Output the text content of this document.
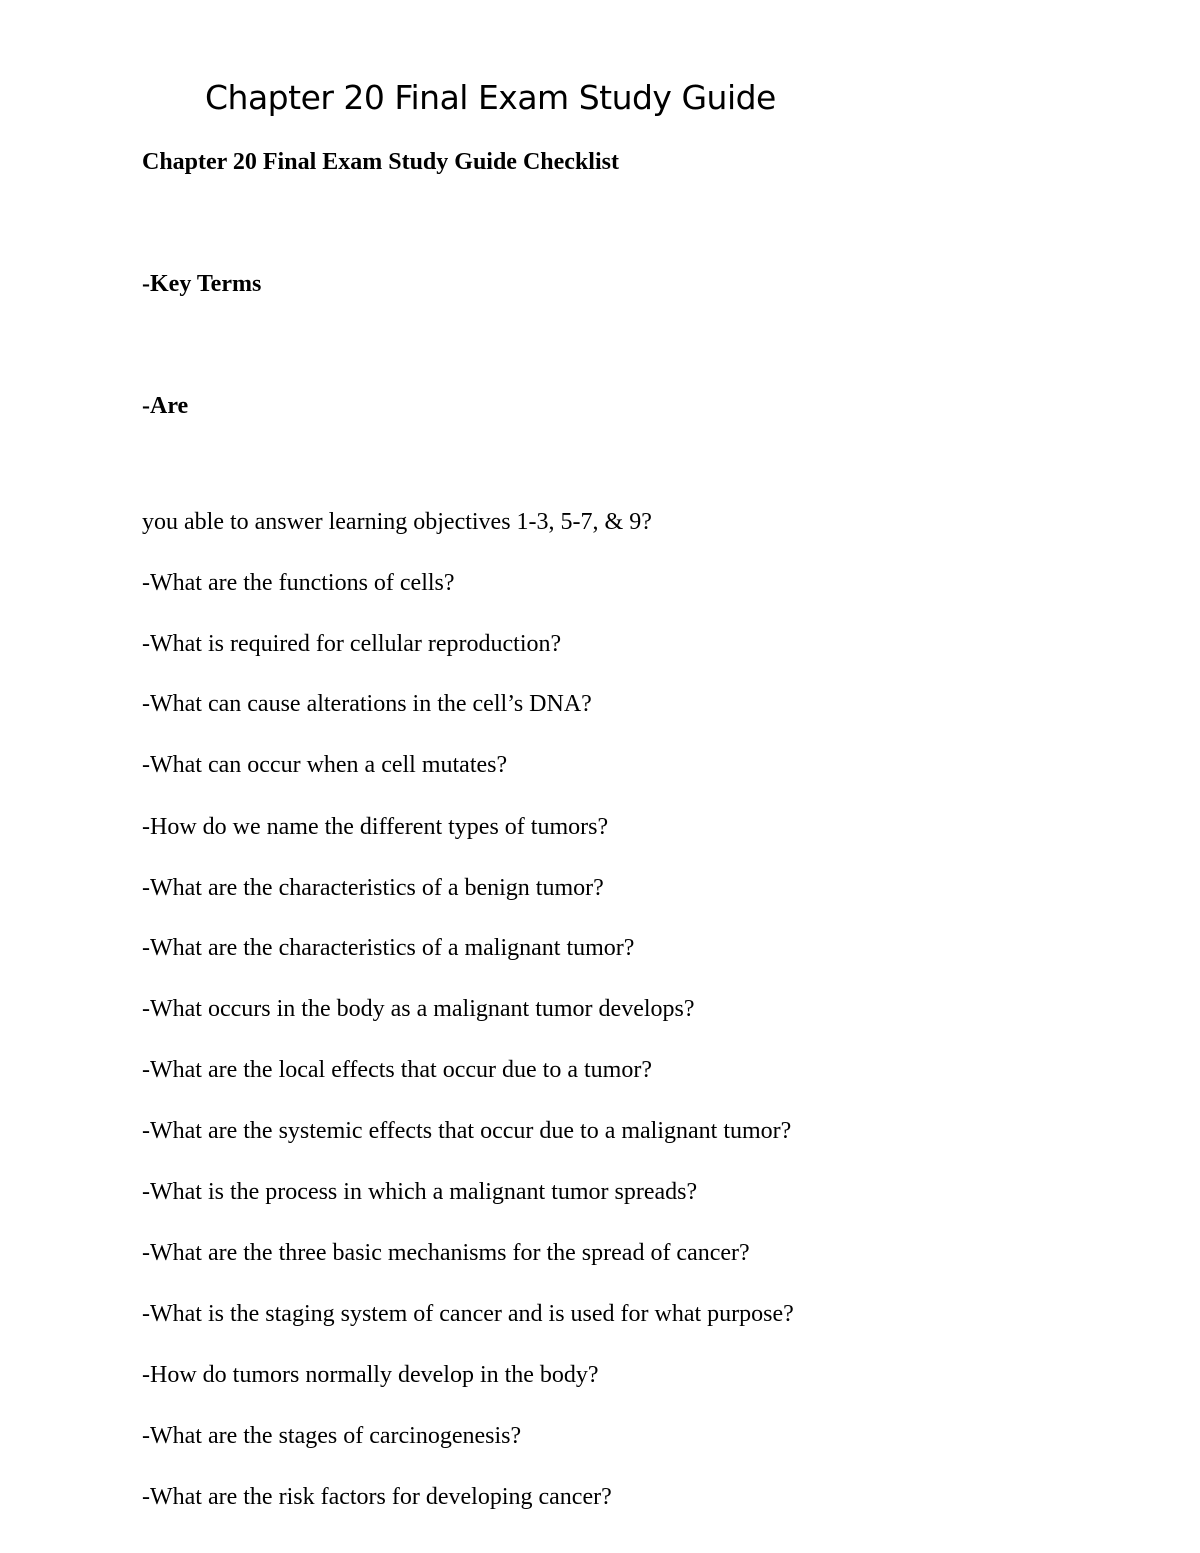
Chapter 20 Final Exam Study Guide
Chapter 20 Final Exam Study Guide Checklist
-Key Terms
-Are
you able to answer learning objectives 1-3, 5-7, & 9?
-What are the functions of cells?
-What is required for cellular reproduction?
-What can cause alterations in the cell’s DNA?
-What can occur when a cell mutates?
-How do we name the different types of tumors?
-What are the characteristics of a benign tumor?
-What are the characteristics of a malignant tumor?
-What occurs in the body as a malignant tumor develops?
-What are the local effects that occur due to a tumor?
-What are the systemic effects that occur due to a malignant tumor?
-What is the process in which a malignant tumor spreads?
-What are the three basic mechanisms for the spread of cancer?
-What is the staging system of cancer and is used for what purpose?
-How do tumors normally develop in the body?
-What are the stages of carcinogenesis?
-What are the risk factors for developing cancer?
